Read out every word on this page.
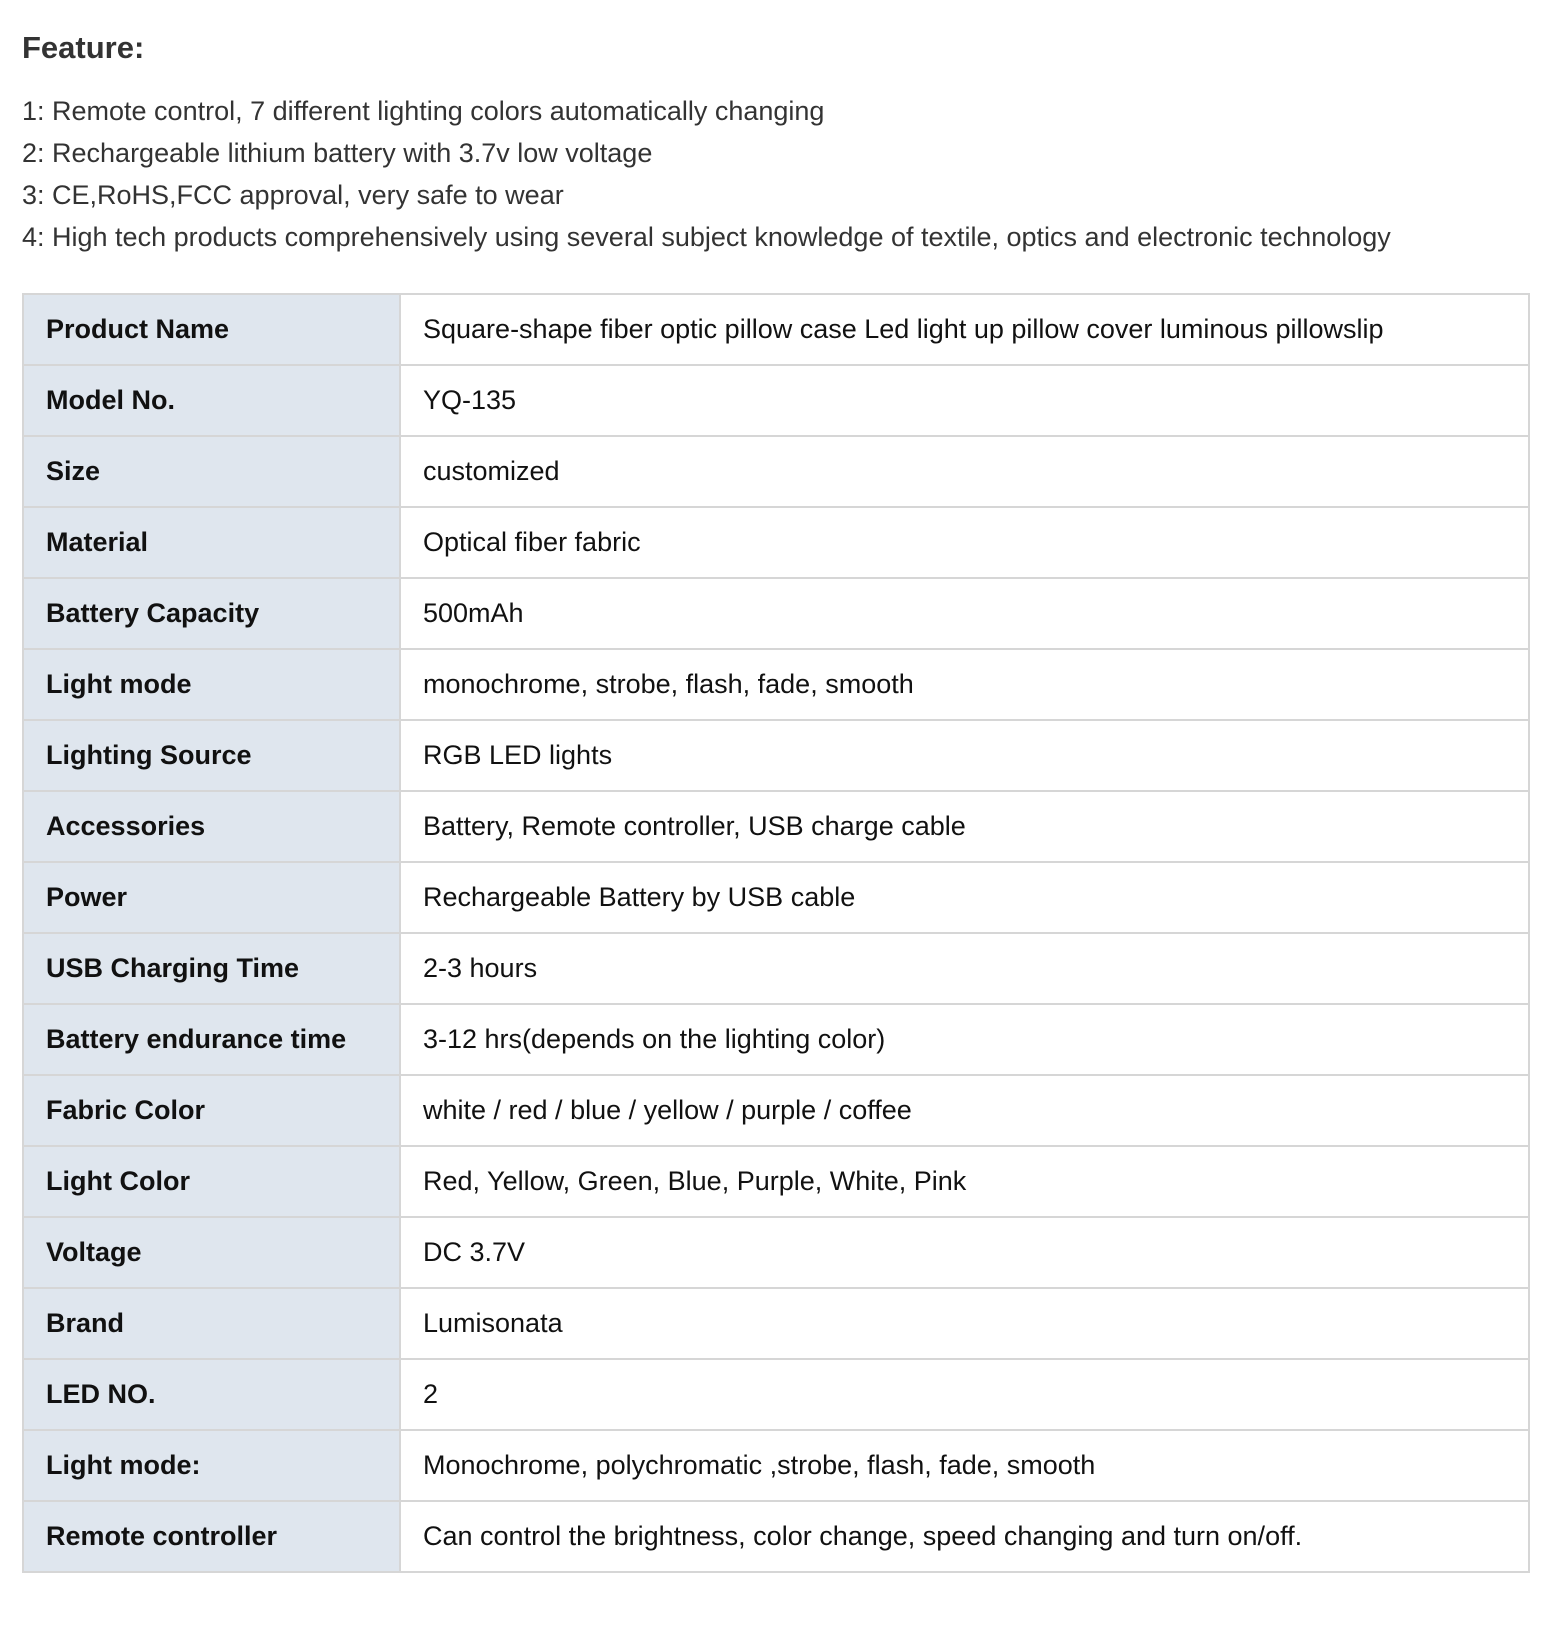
Feature:
1: Remote control, 7 different lighting colors automatically changing
2: Rechargeable lithium battery with 3.7v low voltage
3: CE,RoHS,FCC approval, very safe to wear
4: High tech products comprehensively using several subject knowledge of textile, optics and electronic technology
Product Name	Square-shape fiber optic pillow case Led light up pillow cover luminous pillowslip
Model No.	YQ-135
Size	customized
Material	Optical fiber fabric
Battery Capacity	500mAh
Light mode	monochrome, strobe, flash, fade, smooth
Lighting Source	RGB LED lights
Accessories	Battery, Remote controller, USB charge cable
Power	Rechargeable Battery by USB cable
USB Charging Time	2-3 hours
Battery endurance time	3-12 hrs(depends on the lighting color)
Fabric Color	white / red / blue / yellow / purple / coffee
Light Color	Red, Yellow, Green, Blue, Purple, White, Pink
Voltage	DC 3.7V
Brand	Lumisonata
LED NO.	2
Light mode:	Monochrome, polychromatic ,strobe, flash, fade, smooth
Remote controller	Can control the brightness, color change, speed changing and turn on/off.
